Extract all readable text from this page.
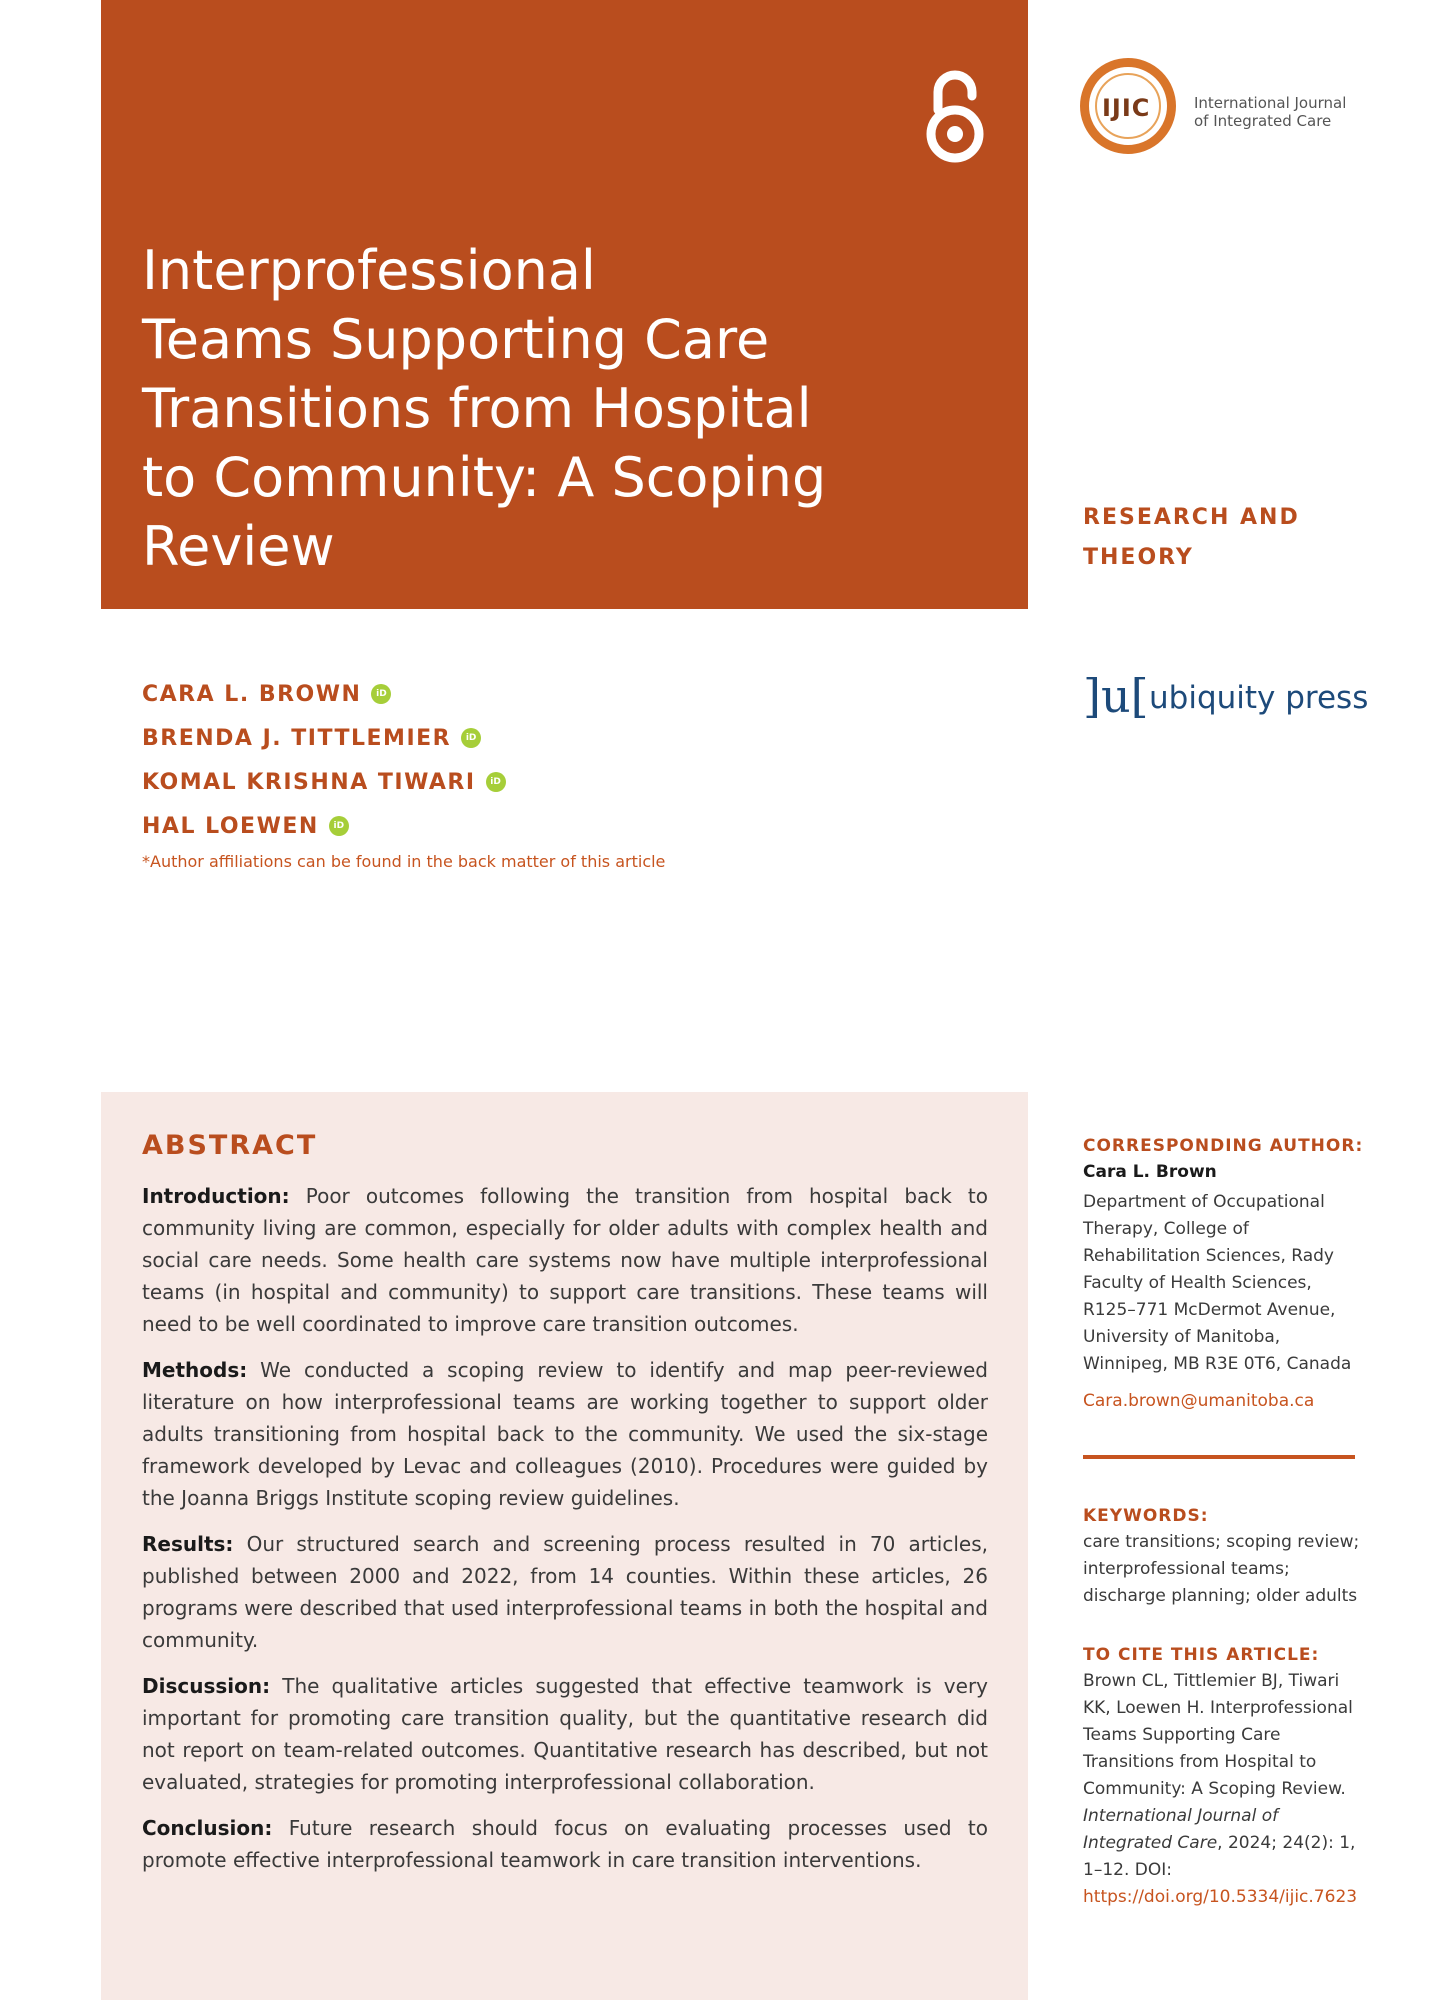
Interprofessional
Teams Supporting Care
Transitions from Hospital
to Community: A Scoping
Review
IJIC	International Journal
of Integrated Care
RESEARCH AND
THEORY
]u[ ubiquity press
CARA L. BROWN	iD
BRENDA J. TITTLEMIER	iD
KOMAL KRISHNA TIWARI	iD
HAL LOEWEN	iD
*Author affiliations can be found in the back matter of this article
ABSTRACT

Introduction: Poor outcomes following the transition from hospital back to community living are common, especially for older adults with complex health and social care needs. Some health care systems now have multiple interprofessional teams (in hospital and community) to support care transitions. These teams will need to be well coordinated to improve care transition outcomes.

Methods: We conducted a scoping review to identify and map peer-reviewed literature on how interprofessional teams are working together to support older adults transitioning from hospital back to the community. We used the six-stage framework developed by Levac and colleagues (2010). Procedures were guided by the Joanna Briggs Institute scoping review guidelines.

Results: Our structured search and screening process resulted in 70 articles, published between 2000 and 2022, from 14 counties. Within these articles, 26 programs were described that used interprofessional teams in both the hospital and community.

Discussion: The qualitative articles suggested that effective teamwork is very important for promoting care transition quality, but the quantitative research did not report on team-related outcomes. Quantitative research has described, but not evaluated, strategies for promoting interprofessional collaboration.

Conclusion: Future research should focus on evaluating processes used to promote effective interprofessional teamwork in care transition interventions.

CORRESPONDING AUTHOR:
Cara L. Brown
Department of Occupational Therapy, College of Rehabilitation Sciences, Rady Faculty of Health Sciences, R125–771 McDermot Avenue, University of Manitoba, Winnipeg, MB R3E 0T6, Canada
Cara.brown@umanitoba.ca
KEYWORDS:
care transitions; scoping review; interprofessional teams; discharge planning; older adults
TO CITE THIS ARTICLE:
Brown CL, Tittlemier BJ, Tiwari KK, Loewen H. Interprofessional Teams Supporting Care Transitions from Hospital to Community: A Scoping Review. International Journal of Integrated Care, 2024; 24(2): 1, 1–12. DOI:
https://doi.org/10.5334/ijic.7623
